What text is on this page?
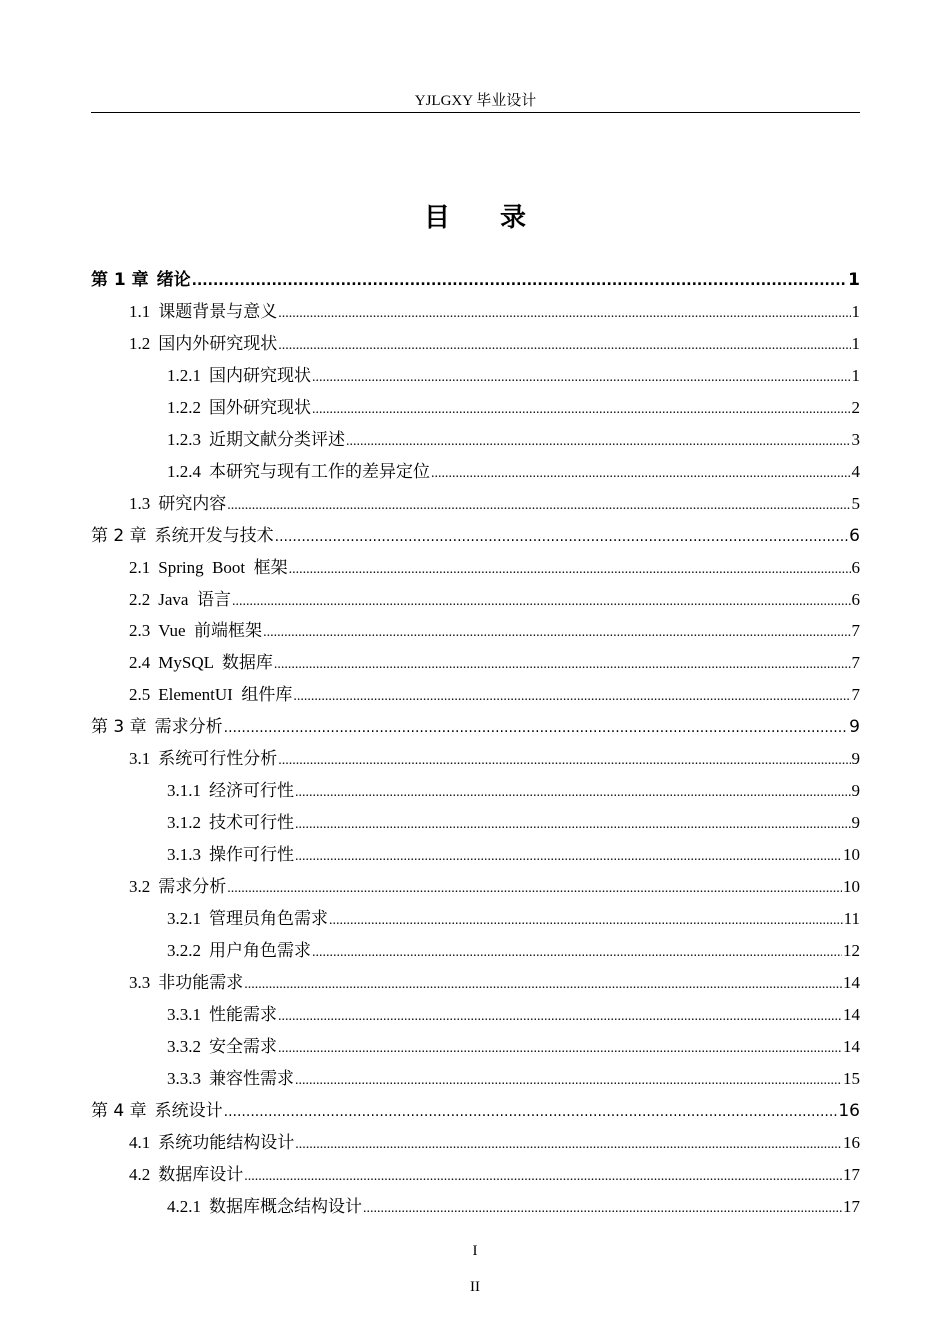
YJLGXY 毕业设计
目录
第 1 章 绪论 .....	1
1.1 课题背景与意义 .....	1
1.2 国内外研究现状 .....	1
1.2.1 国内研究现状 .....	1
1.2.2 国外研究现状 .....	2
1.2.3 近期文献分类评述 .....	3
1.2.4 本研究与现有工作的差异定位 .....	4
1.3 研究内容 .....	5
第 2 章 系统开发与技术 .....	6
2.1 Spring  Boot  框架 .....	6
2.2 Java  语言 .....	6
2.3 Vue  前端框架 .....	7
2.4 MySQL  数据库 .....	7
2.5 ElementUI  组件库 .....	7
第 3 章 需求分析 .....	9
3.1 系统可行性分析 .....	9
3.1.1 经济可行性 .....	9
3.1.2 技术可行性 .....	9
3.1.3 操作可行性 .....	10
3.2 需求分析 .....	10
3.2.1 管理员角色需求 .....	11
3.2.2 用户角色需求 .....	12
3.3 非功能需求 .....	14
3.3.1 性能需求 .....	14
3.3.2 安全需求 .....	14
3.3.3 兼容性需求 .....	15
第 4 章 系统设计 .....	16
4.1 系统功能结构设计 .....	16
4.2 数据库设计 .....	17
4.2.1 数据库概念结构设计 .....	17
I
II
